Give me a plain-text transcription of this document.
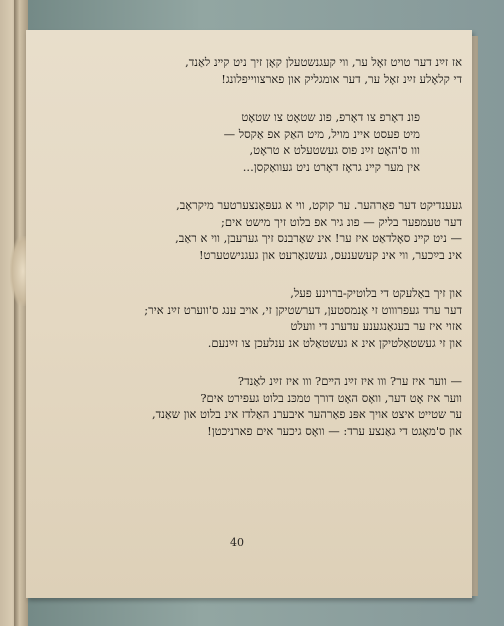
אז זײַנ דער טויט זאָל ער, ווי קעגנשטעלן קאָן זיך ניט קײנ לאַנד,
די קלאָלע זײַנ זאָל ער, דער אומגליק און פארצווייפלונג!
פונ דאָרפ צו דאָרפ, פונ שטאָט צו שטאָט
מיט פעסט איינ מויל, מיט האַק אפ אַקסל —
ווו ס'האָט זײַנ פוס געשטעלט א טראָט,
אין מער קײנ גראָז דאָרט ניט געוואַקסן...
געענדיקט דער פאַרהער. ער קוקט, ווי א געפּאַנצערטער מיקראָב,
דער טעמפער בליק — פונ גיר אפ בלוט זיך מישט אים;
— ניט קײנ סאָלדאַט איז ער! אינ שאַרבנס זיך גערעבן, ווי א ראַב,
אינ בײַכער, ווי אינ קעשענעס, געשנאַרעט און געגנישטערט!
און זיך באַלעקט די בלוטיק-ברוינע פעל,
דער ערד געפרוווט זי אָנמסטען, דערשטיקן זי, אויב ענג ס'ווערט זײַנ איר;
אזוי איז ער בעגאַנגענע עדערנ די וועלט
און זי געשטאַלטיקן אינ א געשטאַלט אנ ענלעכן צו זײַנעם.
— ווער איז ער? ווו איז זײַנ הײם? ווו איז זײַנ לאַנד?
ווער איז אָט דער, וואָס האָט דורך טמכּנ בלוט געפירט אים?
ער שטייט איצט אויך אפּנ פאַרהער איבערנ האַלדז אינ בלוט און שאַנד,
און ס'מאָגט די גאַנצע ערד: — וואָס גיכער אים פארניכטן!
40
